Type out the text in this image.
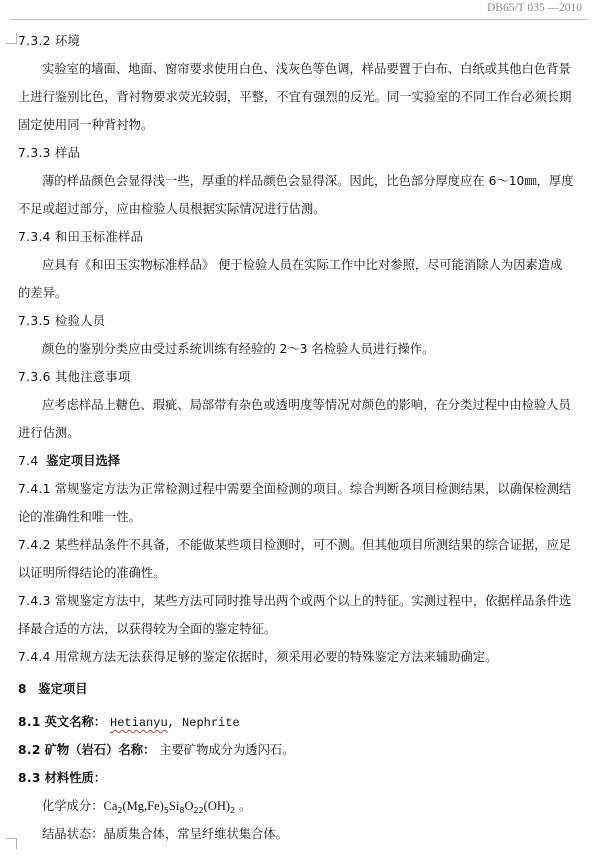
DB65/T 035 —2010
7.3.2 环境
实验室的墙面、地面、窗帘要求使用白色、浅灰色等色调，样品要置于白布、白纸或其他白色背景
上进行鉴别比色，背衬物要求荧光较弱，平整，不宜有强烈的反光。同一实验室的不同工作台必须长期
固定使用同一种背衬物。
7.3.3 样品
薄的样品颜色会显得浅一些，厚重的样品颜色会显得深。因此，比色部分厚度应在 6～10㎜，厚度
不足或超过部分，应由检验人员根据实际情况进行估测。
7.3.4 和田玉标准样品
应具有《和田玉实物标准样品》 便于检验人员在实际工作中比对参照，尽可能消除人为因素造成
的差异。
7.3.5 检验人员
颜色的鉴别分类应由受过系统训练有经验的 2～3 名检验人员进行操作。
7.3.6 其他注意事项
应考虑样品上糖色、瑕疵、局部带有杂色或透明度等情况对颜色的影响，在分类过程中由检验人员
进行估测。
7.4 鉴定项目选择
7.4.1 常规鉴定方法为正常检测过程中需要全面检测的项目。综合判断各项目检测结果，以确保检测结
论的准确性和唯一性。
7.4.2 某些样品条件不具备，不能做某些项目检测时，可不测。但其他项目所测结果的综合证据，应足
以证明所得结论的准确性。
7.4.3 常规鉴定方法中，某些方法可同时推导出两个或两个以上的特征。实测过程中，依据样品条件选
择最合适的方法，以获得较为全面的鉴定特征。
7.4.4 用常规方法无法获得足够的鉴定依据时，须采用必要的特殊鉴定方法来辅助确定。
8 鉴定项目
8.1 英文名称： Hetianyu, Nephrite
8.2 矿物（岩石）名称： 主要矿物成分为透闪石。
8.3 材料性质：
化学成分：$Ca_2(Mg,Fe)_5Si_8O_{22}(OH)_2$ 。
结晶状态：晶质集合体，常呈纤维状集合体。
